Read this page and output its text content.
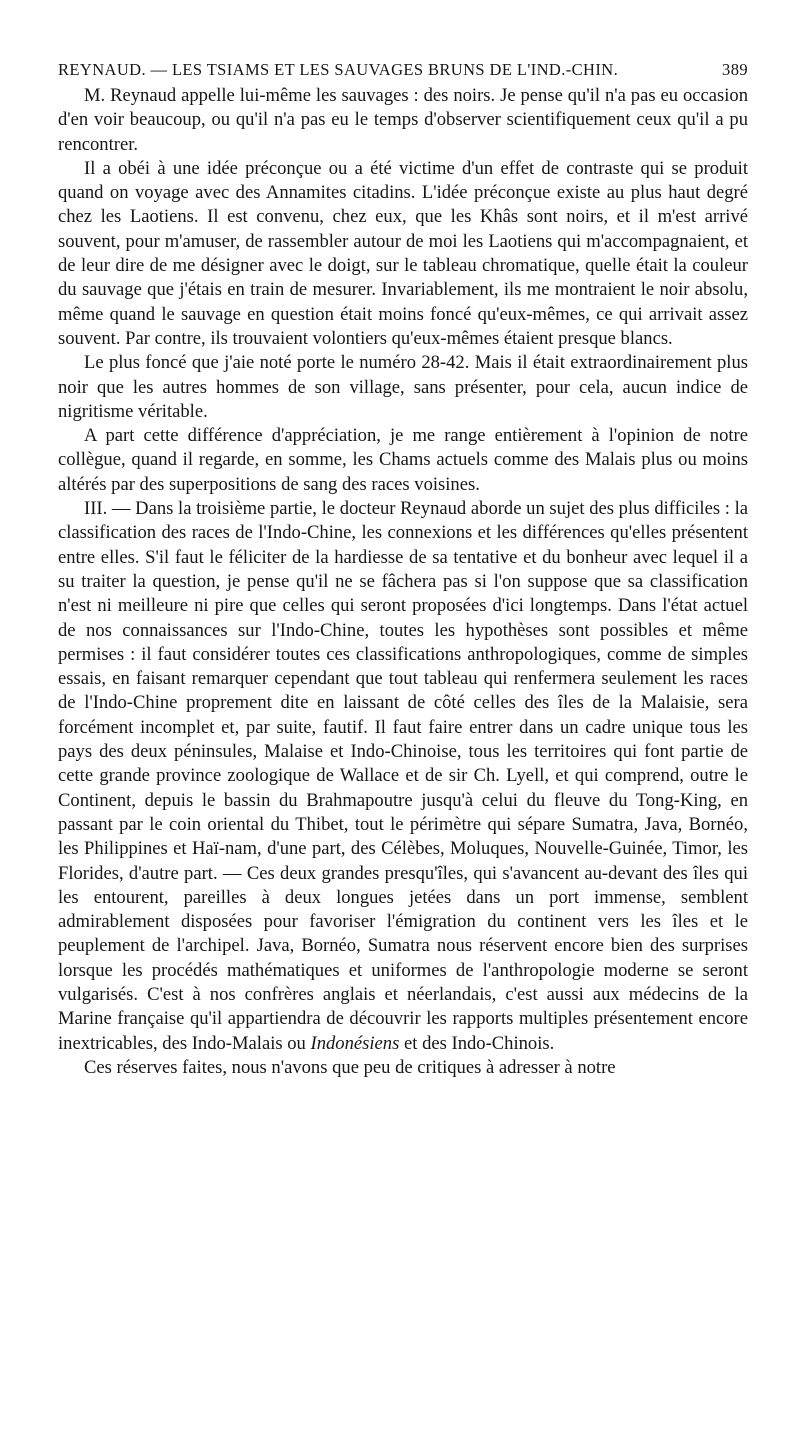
REYNAUD. — LES TSIAMS ET LES SAUVAGES BRUNS DE L'IND.-CHIN.	389

M. Reynaud appelle lui-même les sauvages : des noirs. Je pense qu'il n'a pas eu occasion d'en voir beaucoup, ou qu'il n'a pas eu le temps d'observer scientifiquement ceux qu'il a pu rencontrer.

Il a obéi à une idée préconçue ou a été victime d'un effet de contraste qui se produit quand on voyage avec des Annamites citadins. L'idée préconçue existe au plus haut degré chez les Laotiens. Il est convenu, chez eux, que les Khâs sont noirs, et il m'est arrivé souvent, pour m'amuser, de rassembler autour de moi les Laotiens qui m'accompagnaient, et de leur dire de me désigner avec le doigt, sur le tableau chromatique, quelle était la couleur du sauvage que j'étais en train de mesurer. Invariablement, ils me montraient le noir absolu, même quand le sauvage en question était moins foncé qu'eux-mêmes, ce qui arrivait assez souvent. Par contre, ils trouvaient volontiers qu'eux-mêmes étaient presque blancs.

Le plus foncé que j'aie noté porte le numéro 28-42. Mais il était extraordinairement plus noir que les autres hommes de son village, sans présenter, pour cela, aucun indice de nigritisme véritable.

A part cette différence d'appréciation, je me range entièrement à l'opinion de notre collègue, quand il regarde, en somme, les Chams actuels comme des Malais plus ou moins altérés par des superpositions de sang des races voisines.

III. — Dans la troisième partie, le docteur Reynaud aborde un sujet des plus difficiles : la classification des races de l'Indo-Chine, les connexions et les différences qu'elles présentent entre elles. S'il faut le féliciter de la hardiesse de sa tentative et du bonheur avec lequel il a su traiter la question, je pense qu'il ne se fâchera pas si l'on suppose que sa classification n'est ni meilleure ni pire que celles qui seront proposées d'ici longtemps. Dans l'état actuel de nos connaissances sur l'Indo-Chine, toutes les hypothèses sont possibles et même permises : il faut considérer toutes ces classifications anthropologiques, comme de simples essais, en faisant remarquer cependant que tout tableau qui renfermera seulement les races de l'Indo-Chine proprement dite en laissant de côté celles des îles de la Malaisie, sera forcément incomplet et, par suite, fautif. Il faut faire entrer dans un cadre unique tous les pays des deux péninsules, Malaise et Indo-Chinoise, tous les territoires qui font partie de cette grande province zoologique de Wallace et de sir Ch. Lyell, et qui comprend, outre le Continent, depuis le bassin du Brahmapoutre jusqu'à celui du fleuve du Tong-King, en passant par le coin oriental du Thibet, tout le périmètre qui sépare Sumatra, Java, Bornéo, les Philippines et Haï-nam, d'une part, des Célèbes, Moluques, Nouvelle-Guinée, Timor, les Florides, d'autre part. — Ces deux grandes presqu'îles, qui s'avancent au-devant des îles qui les entourent, pareilles à deux longues jetées dans un port immense, semblent admirablement disposées pour favoriser l'émigration du continent vers les îles et le peuplement de l'archipel. Java, Bornéo, Sumatra nous réservent encore bien des surprises lorsque les procédés mathématiques et uniformes de l'anthropologie moderne se seront vulgarisés. C'est à nos confrères anglais et néerlandais, c'est aussi aux médecins de la Marine française qu'il appartiendra de découvrir les rapports multiples présentement encore inextricables, des Indo-Malais ou Indonésiens et des Indo-Chinois.

Ces réserves faites, nous n'avons que peu de critiques à adresser à notre
